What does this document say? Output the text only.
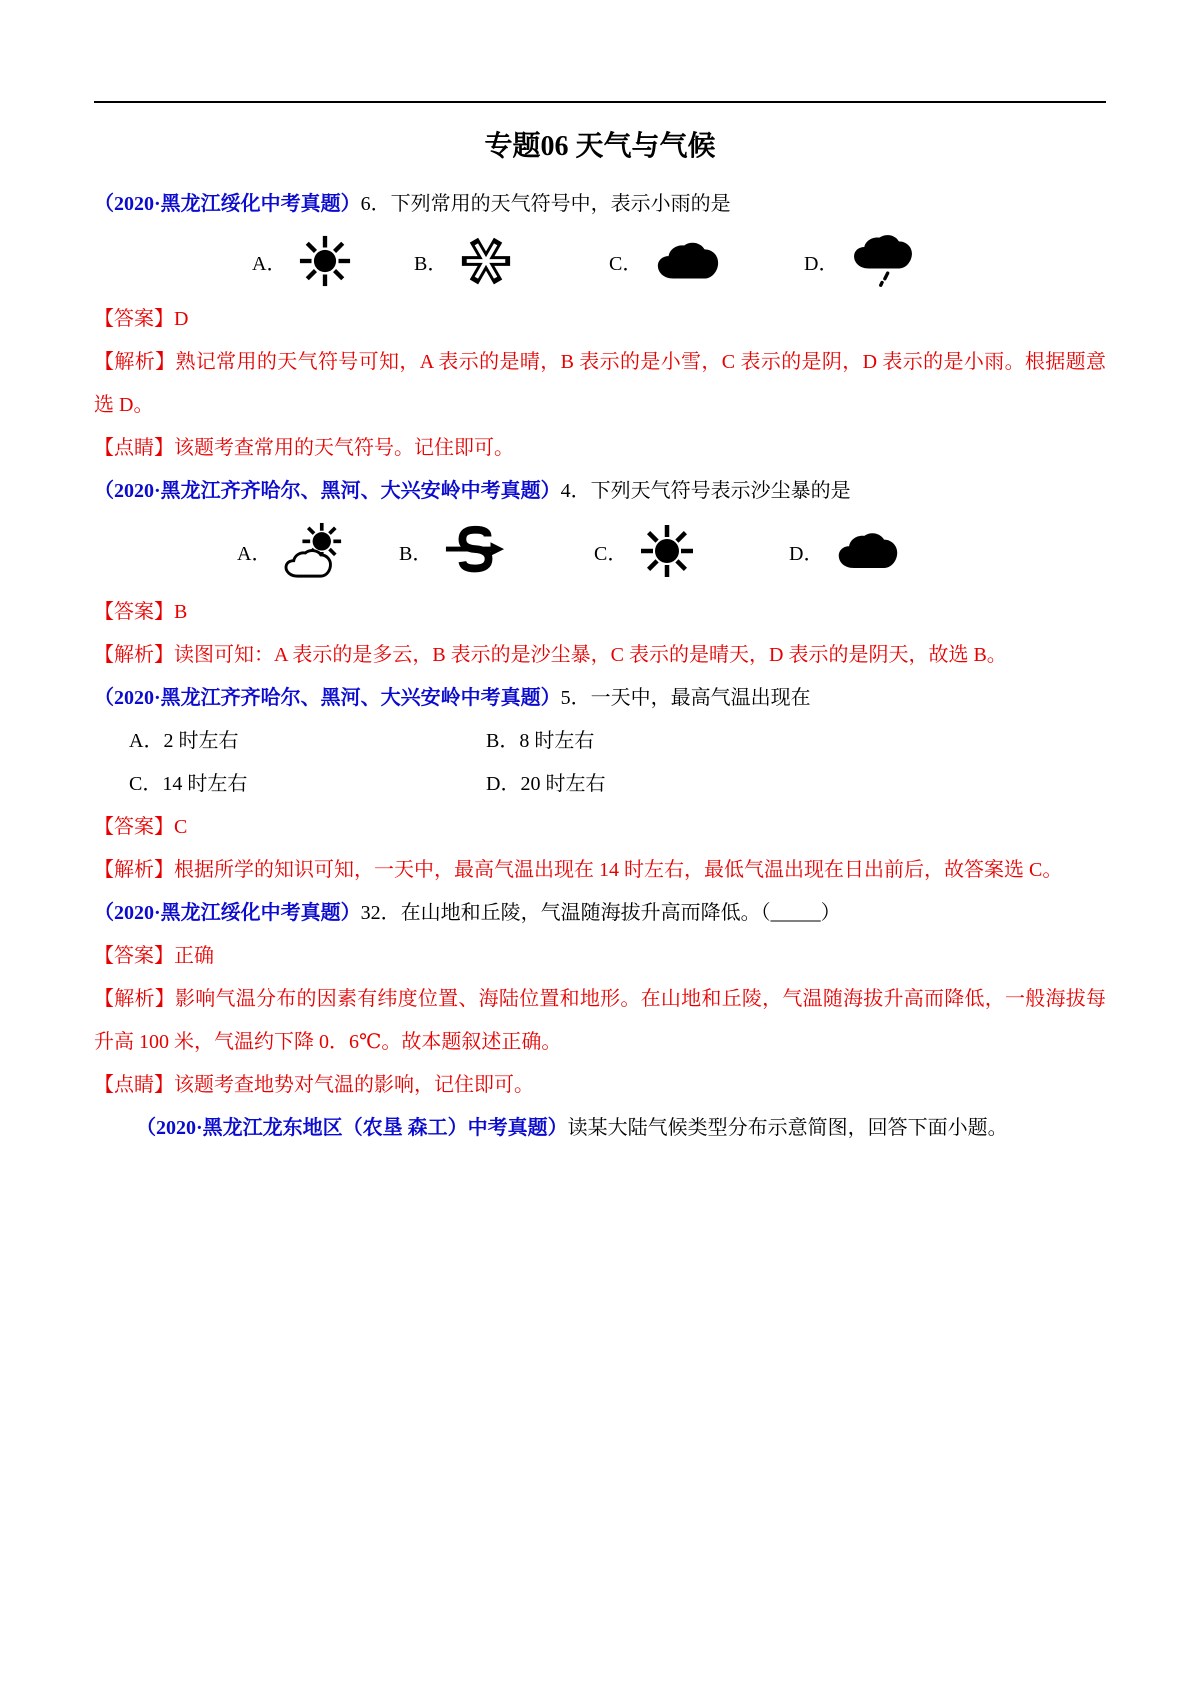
专题06 天气与气候

（2020·黑龙江绥化中考真题）6．下列常用的天气符号中，表示小雨的是

A．	B．	C．	D．

【答案】D

【解析】熟记常用的天气符号可知，A 表示的是晴，B 表示的是小雪，C 表示的是阴，D 表示的是小雨。根据题意选 D。

【点睛】该题考查常用的天气符号。记住即可。

（2020·黑龙江齐齐哈尔、黑河、大兴安岭中考真题）4．下列天气符号表示沙尘暴的是

A．	B．	C．	D．

【答案】B

【解析】读图可知：A 表示的是多云，B 表示的是沙尘暴，C 表示的是晴天，D 表示的是阴天，故选 B。

（2020·黑龙江齐齐哈尔、黑河、大兴安岭中考真题）5．一天中，最高气温出现在

A．2 时左右	B．8 时左右
C．14 时左右	D．20 时左右

【答案】C

【解析】根据所学的知识可知，一天中，最高气温出现在 14 时左右，最低气温出现在日出前后，故答案选 C。

（2020·黑龙江绥化中考真题）32．在山地和丘陵，气温随海拔升高而降低。（_____）

【答案】正确

【解析】影响气温分布的因素有纬度位置、海陆位置和地形。在山地和丘陵，气温随海拔升高而降低，一般海拔每升高 100 米，气温约下降 0．6℃。故本题叙述正确。

【点睛】该题考查地势对气温的影响，记住即可。

（2020·黑龙江龙东地区（农垦 森工）中考真题）读某大陆气候类型分布示意简图，回答下面小题。
